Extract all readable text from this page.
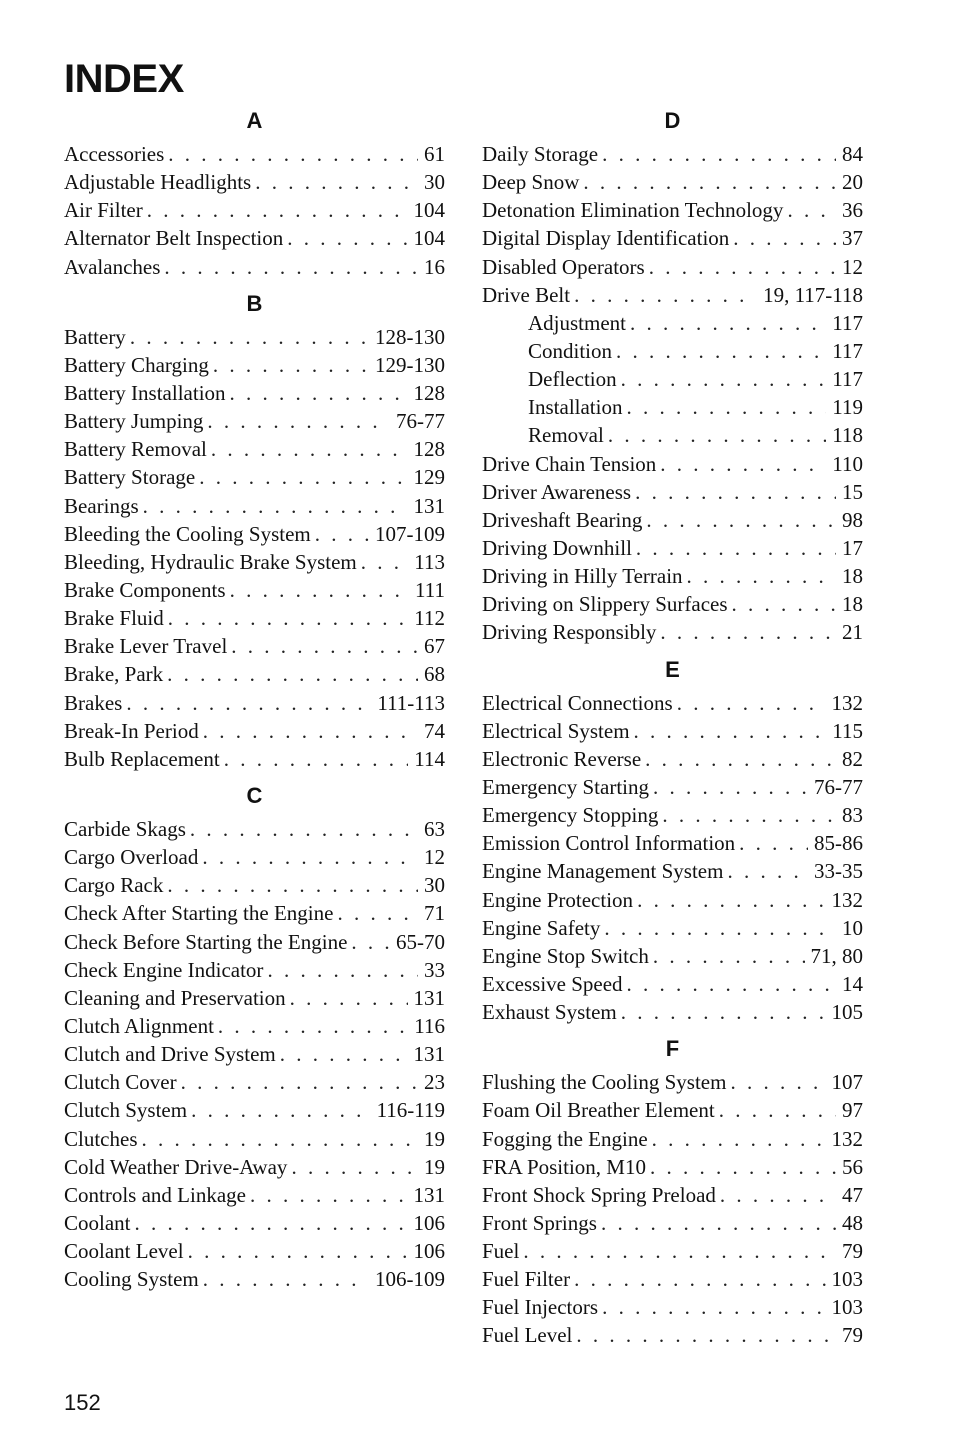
INDEX
A
Accessories . . .	61
Adjustable Headlights . . .	30
Air Filter . . .	104
Alternator Belt Inspection . . .	104
Avalanches . . .	16
B
Battery . . .	128-130
Battery Charging . . .	129-130
Battery Installation . . .	128
Battery Jumping . . .	76-77
Battery Removal . . .	128
Battery Storage . . .	129
Bearings . . .	131
Bleeding the Cooling System . . .	107-109
Bleeding, Hydraulic Brake System . . .	113
Brake Components . . .	111
Brake Fluid . . .	112
Brake Lever Travel . . .	67
Brake, Park . . .	68
Brakes . . .	111-113
Break-In Period . . .	74
Bulb Replacement . . .	114
C
Carbide Skags . . .	63
Cargo Overload . . .	12
Cargo Rack . . .	30
Check After Starting the Engine . . .	71
Check Before Starting the Engine . . . 65-70
Check Engine Indicator . . .	33
Cleaning and Preservation . . .	131
Clutch Alignment . . .	116
Clutch and Drive System . . .	131
Clutch Cover . . .	23
Clutch System . . .	116-119
Clutches . . .	19
Cold Weather Drive-Away . . .	19
Controls and Linkage . . .	131
Coolant . . .	106
Coolant Level . . .	106
Cooling System . . .	106-109
D
Daily Storage . . .	84
Deep Snow . . .	20
Detonation Elimination Technology . . .	36
Digital Display Identification . . .	37
Disabled Operators . . .	12
Drive Belt . . .	19, 117-118
Adjustment . . .	117
Condition . . .	117
Deflection . . .	117
Installation . . .	119
Removal . . .	118
Drive Chain Tension . . .	110
Driver Awareness . . .	15
Driveshaft Bearing . . .	98
Driving Downhill . . .	17
Driving in Hilly Terrain . . .	18
Driving on Slippery Surfaces . . .	18
Driving Responsibly . . .	21
E
Electrical Connections . . .	132
Electrical System . . .	115
Electronic Reverse . . .	82
Emergency Starting . . .	76-77
Emergency Stopping . . .	83
Emission Control Information . . .	85-86
Engine Management System . . .	33-35
Engine Protection . . .	132
Engine Safety . . .	10
Engine Stop Switch . . .	71, 80
Excessive Speed . . .	14
Exhaust System . . .	105
F
Flushing the Cooling System . . .	107
Foam Oil Breather Element . . .	97
Fogging the Engine . . .	132
FRA Position, M10 . . .	56
Front Shock Spring Preload . . .	47
Front Springs . . .	48
Fuel . . .	79
Fuel Filter . . .	103
Fuel Injectors . . .	103
Fuel Level . . .	79
152
